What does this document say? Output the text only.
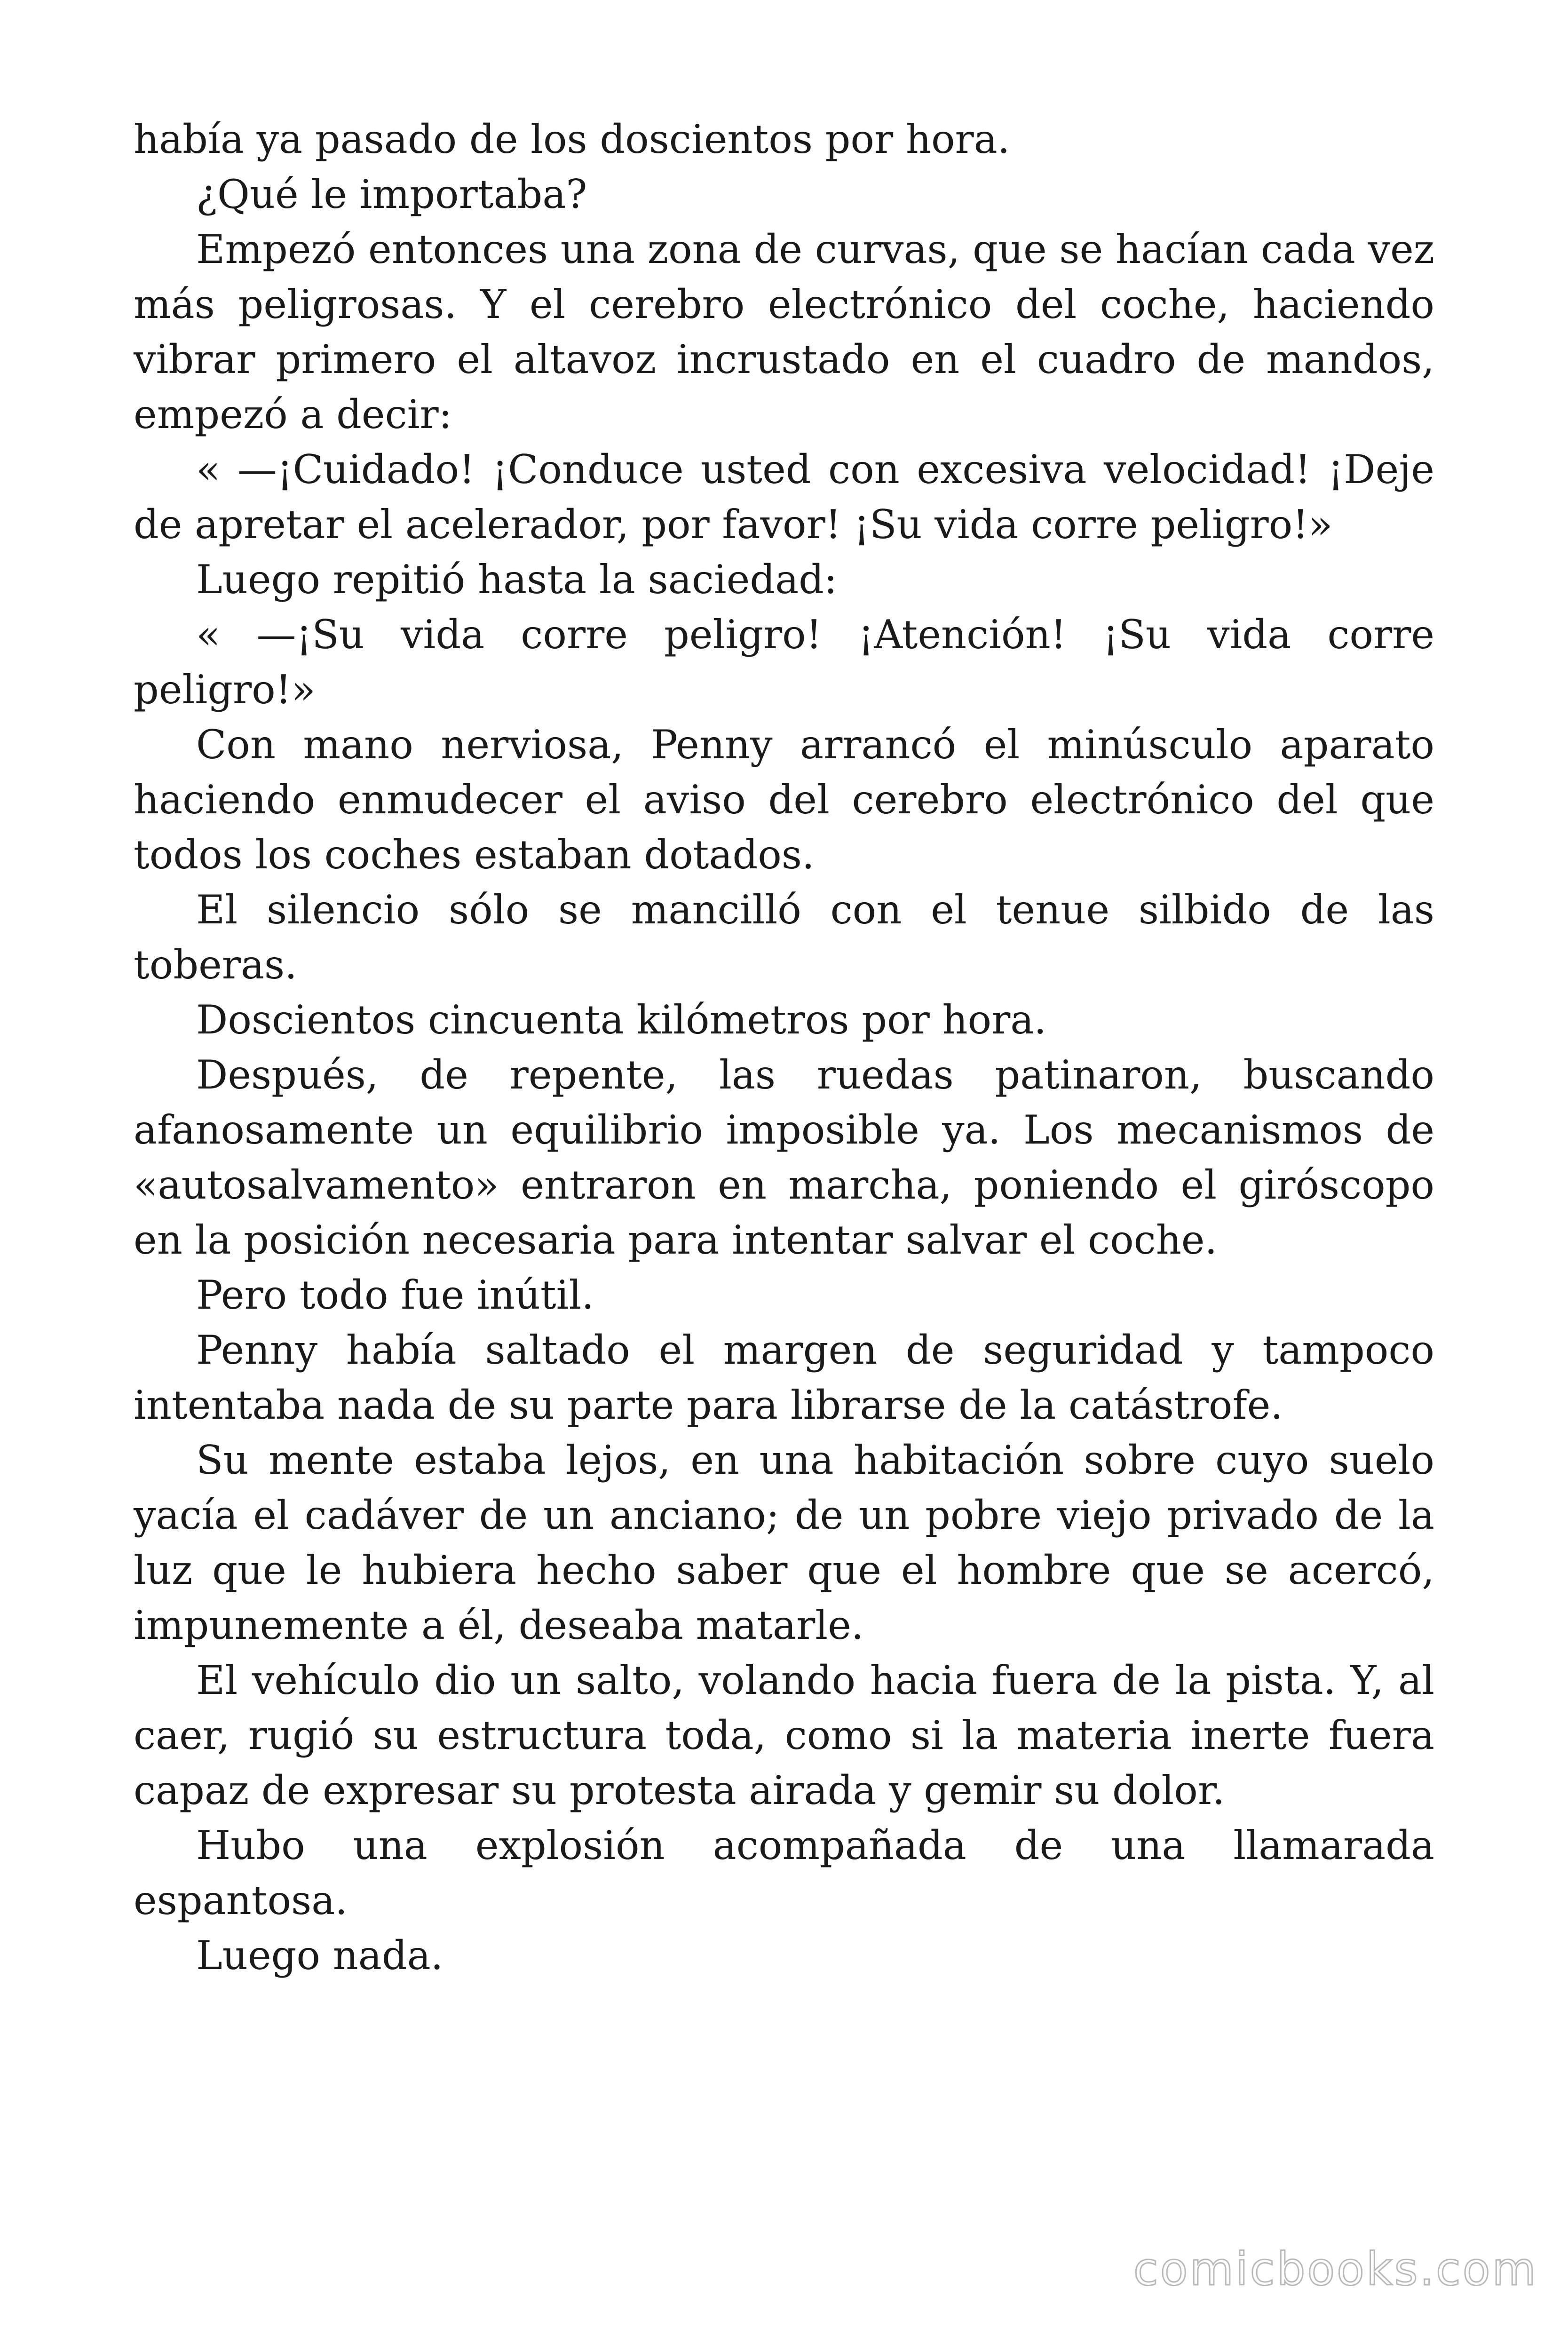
había ya pasado de los doscientos por hora.

¿Qué le importaba?

Empezó entonces una zona de curvas, que se hacían cada vez más peligrosas. Y el cerebro electrónico del coche, haciendo vibrar primero el altavoz incrustado en el cuadro de mandos, empezó a decir:

« —¡Cuidado! ¡Conduce usted con excesiva velocidad! ¡Deje de apretar el acelerador, por favor! ¡Su vida corre peligro!»

Luego repitió hasta la saciedad:

« —¡Su vida corre peligro! ¡Atención! ¡Su vida corre peligro!»

Con mano nerviosa, Penny arrancó el minúsculo aparato haciendo enmudecer el aviso del cerebro electrónico del que todos los coches estaban dotados.

El silencio sólo se mancilló con el tenue silbido de las toberas.

Doscientos cincuenta kilómetros por hora.

Después, de repente, las ruedas patinaron, buscando afanosamente un equilibrio imposible ya. Los mecanismos de «autosalvamento» entraron en marcha, poniendo el giróscopo en la posición necesaria para intentar salvar el coche.

Pero todo fue inútil.

Penny había saltado el margen de seguridad y tampoco intentaba nada de su parte para librarse de la catástrofe.

Su mente estaba lejos, en una habitación sobre cuyo suelo yacía el cadáver de un anciano; de un pobre viejo privado de la luz que le hubiera hecho saber que el hombre que se acercó, impunemente a él, deseaba matarle.

El vehículo dio un salto, volando hacia fuera de la pista. Y, al caer, rugió su estructura toda, como si la materia inerte fuera capaz de expresar su protesta airada y gemir su dolor.

Hubo una explosión acompañada de una llamarada espantosa.

Luego nada.

comicbooks.com
